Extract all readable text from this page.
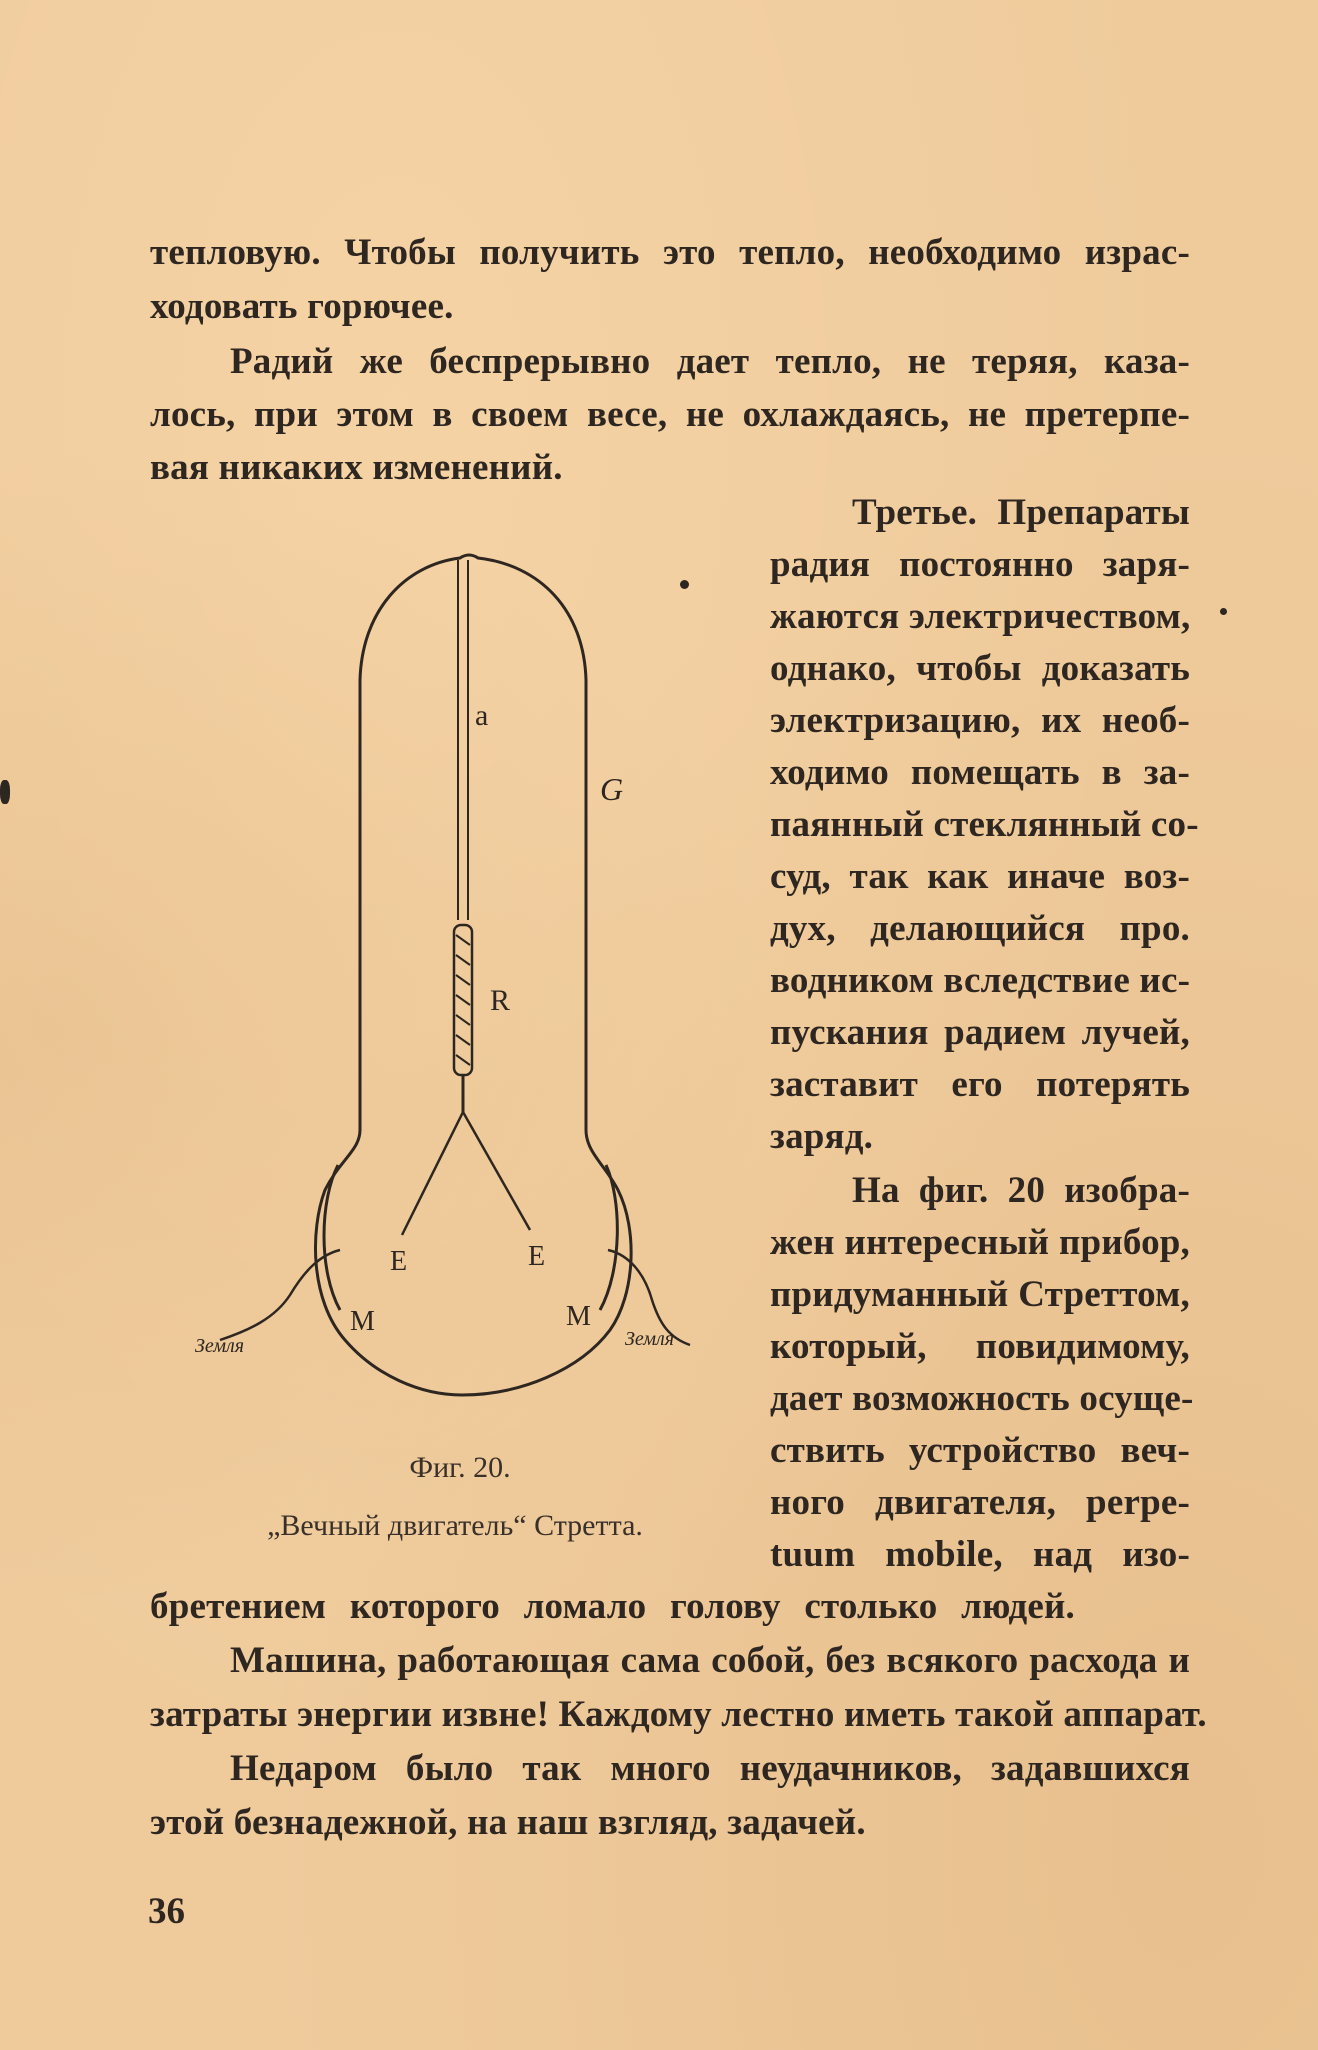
тепловую. Чтобы получить это тепло, необходимо израс-
ходовать горючее.
Радий же беспрерывно дает тепло, не теряя, каза-
лось, при этом в своем весе, не охлаждаясь, не претерпе-
вая никаких изменений.
Третье. Препараты
радия постоянно заря-
жаются электричеством,
однако, чтобы доказать
электризацию, их необ-
ходимо помещать в за-
паянный стеклянный со-
суд, так как иначе воз-
дух, делающийся про.
водником вследствие ис-
пускания радием лучей,
заставит его потерять
заряд.
На фиг. 20 изобра-
жен интересный прибор,
придуманный Стреттом,
который, повидимому,
дает возможность осуще-
ствить устройство веч-
ного двигателя, perpe-
tuum mobile, над изо-
бретением которого ломало голову столько людей.
Машина, работающая сама собой, без всякого расхода и
затраты энергии извне! Каждому лестно иметь такой аппарат.
Недаром было так много неудачников, задавшихся
этой безнадежной, на наш взгляд, задачей.
a
G
R
E	E
M	M
Земля	Земля
Фиг. 20.
„Вечный двигатель“ Стретта.
36
